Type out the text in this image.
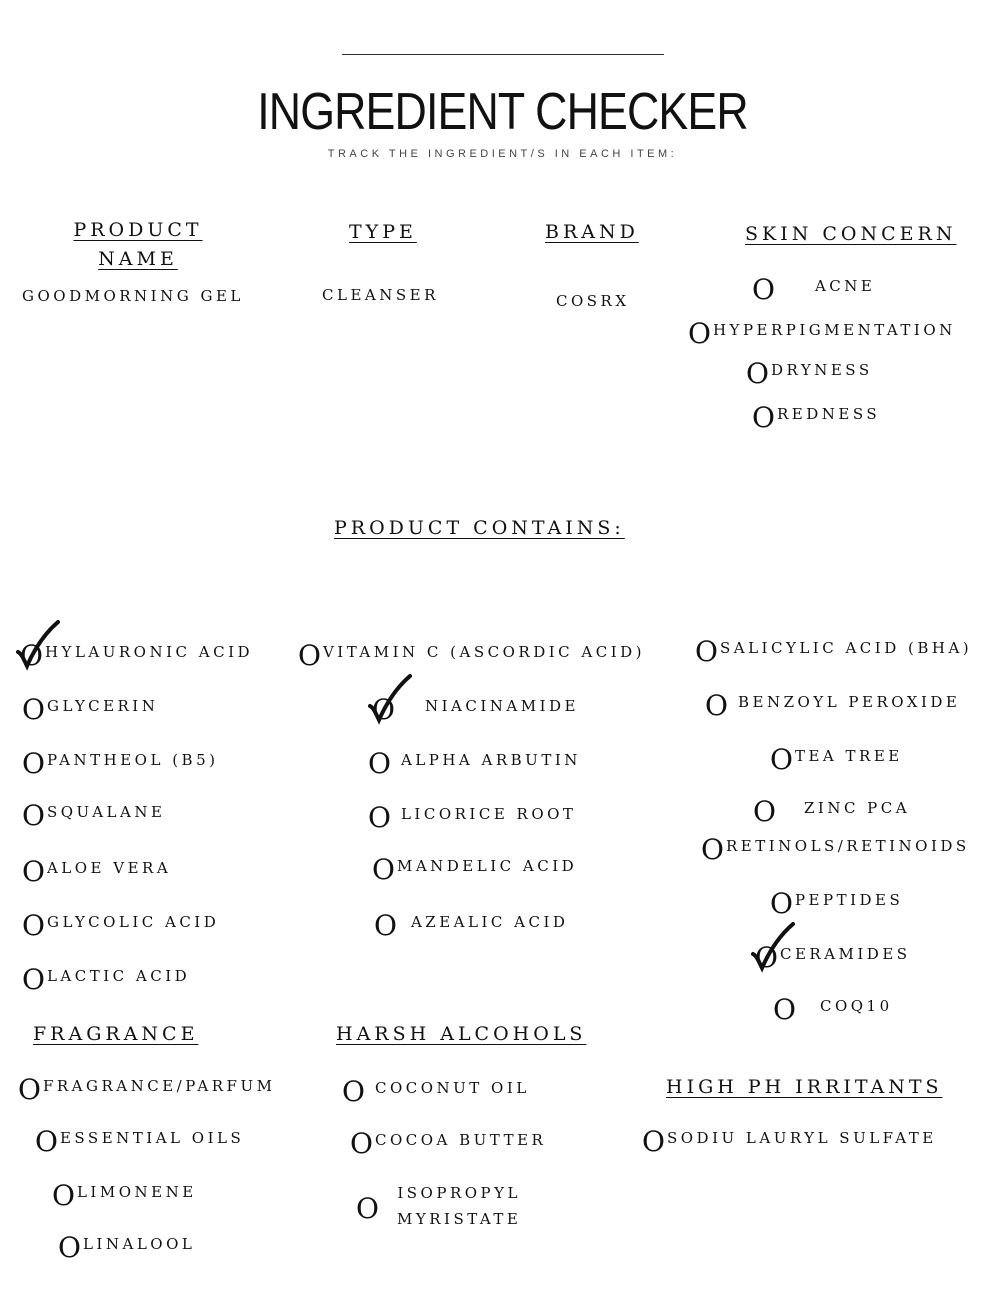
INGREDIENT CHECKER
TRACK THE INGREDIENT/S IN EACH ITEM:
PRODUCT
NAME
GOODMORNING GEL
TYPE
CLEANSER
BRAND
COSRX
SKIN CONCERN
O	ACNE
O HYPERPIGMENTATION
O DRYNESS
O REDNESS
PRODUCT CONTAINS:
O HYLAURONIC ACID
O GLYCERIN
O PANTHEOL (B5)
O SQUALANE
O ALOE VERA
O GLYCOLIC ACID
O LACTIC ACID
O VITAMIN C (ASCORDIC ACID)
O NIACINAMIDE
O ALPHA ARBUTIN
O LICORICE ROOT
O MANDELIC ACID
O AZEALIC ACID
O SALICYLIC ACID (BHA)
O BENZOYL PEROXIDE
O TEA TREE
O ZINC PCA
O RETINOLS/RETINOIDS
O PEPTIDES
O CERAMIDES
O COQ10
FRAGRANCE	HARSH ALCOHOLS
HIGH PH IRRITANTS
O FRAGRANCE/PARFUM
O ESSENTIAL OILS
O LIMONENE
O LINALOOL
O COCONUT OIL
O COCOA BUTTER
O ISOPROPYL
MYRISTATE
O SODIU LAURYL SULFATE
